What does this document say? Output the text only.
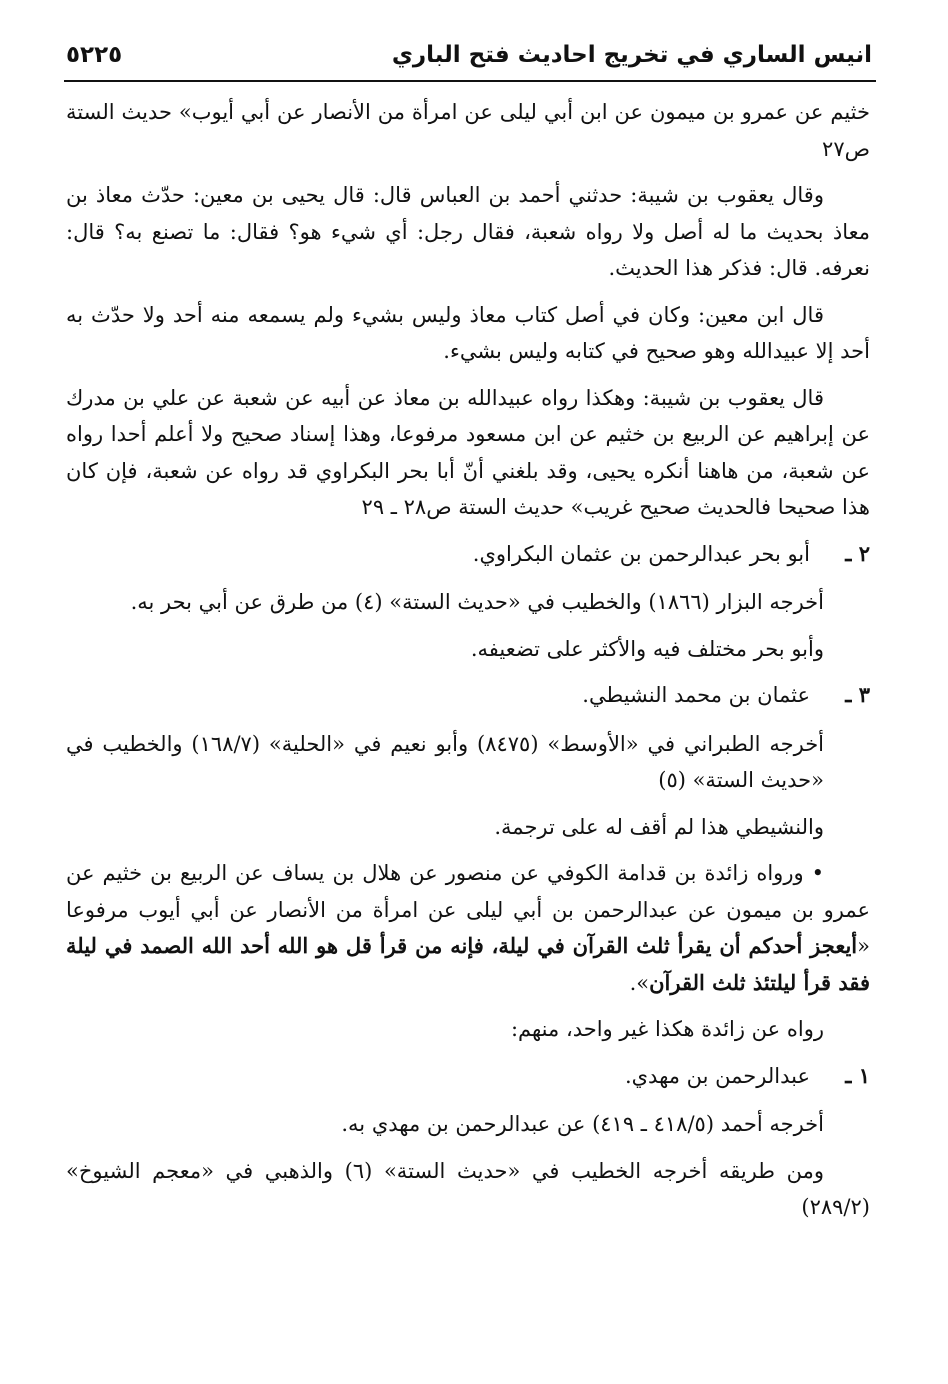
انيس الساري في تخريج احاديث فتح الباري
٥٢٢٥

خثيم عن عمرو بن ميمون عن ابن أبي ليلى عن امرأة من الأنصار عن أبي أيوب» حديث الستة ص٢٧

وقال يعقوب بن شيبة: حدثني أحمد بن العباس قال: قال يحيى بن معين: حدّث معاذ بن معاذ بحديث ما له أصل ولا رواه شعبة، فقال رجل: أي شيء هو؟ فقال: ما تصنع به؟ قال: نعرفه. قال: فذكر هذا الحديث.

قال ابن معين: وكان في أصل كتاب معاذ وليس بشيء ولم يسمعه منه أحد ولا حدّث به أحد إلا عبيدالله وهو صحيح في كتابه وليس بشيء.

قال يعقوب بن شيبة: وهكذا رواه عبيدالله بن معاذ عن أبيه عن شعبة عن علي بن مدرك عن إبراهيم عن الربيع بن خثيم عن ابن مسعود مرفوعا، وهذا إسناد صحيح ولا أعلم أحدا رواه عن شعبة، من هاهنا أنكره يحيى، وقد بلغني أنّ أبا بحر البكراوي قد رواه عن شعبة، فإن كان هذا صحيحا فالحديث صحيح غريب» حديث الستة ص٢٨ ـ ٢٩

٢ ـ
أبو بحر عبدالرحمن بن عثمان البكراوي.

أخرجه البزار (١٨٦٦) والخطيب في «حديث الستة» (٤) من طرق عن أبي بحر به.

وأبو بحر مختلف فيه والأكثر على تضعيفه.

٣ ـ
عثمان بن محمد النشيطي.

أخرجه الطبراني في «الأوسط» (٨٤٧٥) وأبو نعيم في «الحلية» (١٦٨/٧) والخطيب في «حديث الستة» (٥)

والنشيطي هذا لم أقف له على ترجمة.

• ورواه زائدة بن قدامة الكوفي عن منصور عن هلال بن يساف عن الربيع بن خثيم عن عمرو بن ميمون عن عبدالرحمن بن أبي ليلى عن امرأة من الأنصار عن أبي أيوب مرفوعا «أيعجز أحدكم أن يقرأ ثلث القرآن في ليلة، فإنه من قرأ قل هو الله أحد الله الصمد في ليلة فقد قرأ ليلتئذ ثلث القرآن».

رواه عن زائدة هكذا غير واحد، منهم:

١ ـ
عبدالرحمن بن مهدي.

أخرجه أحمد (٤١٨/٥ ـ ٤١٩) عن عبدالرحمن بن مهدي به.

ومن طريقه أخرجه الخطيب في «حديث الستة» (٦) والذهبي في «معجم الشيوخ» (٢٨٩/٢)
